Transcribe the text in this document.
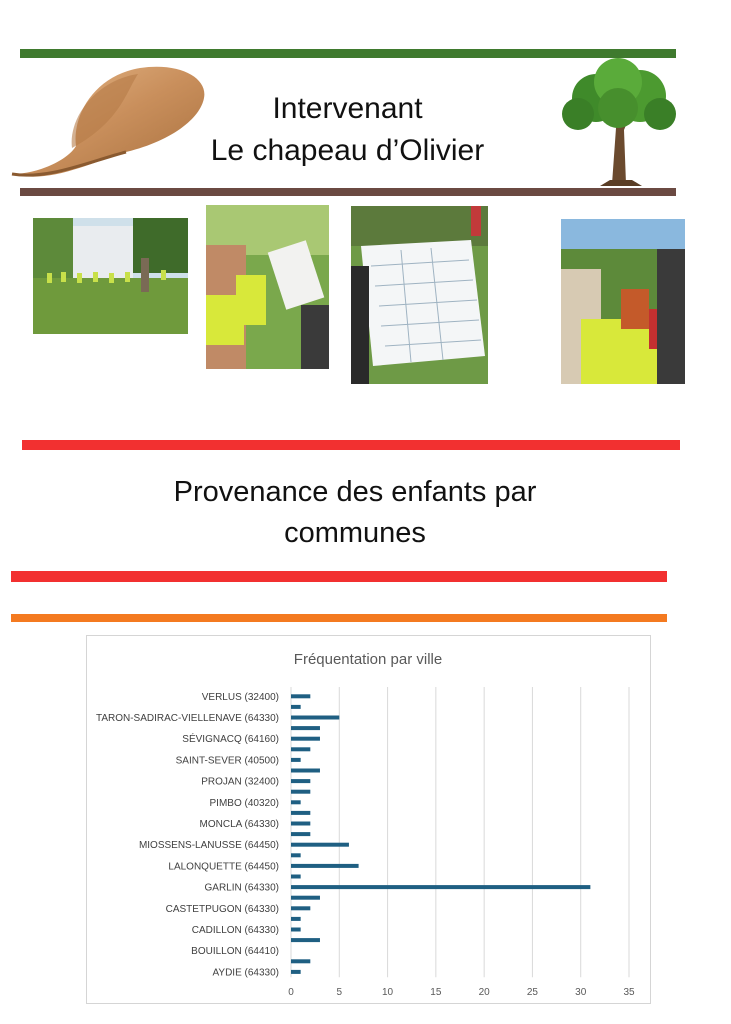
Intervenant
Le chapeau d’Olivier
Provenance des enfants par
communes
Fréquentation par ville
VERLUS (32400)
TARON-SADIRAC-VIELLENAVE (64330)
SÉVIGNACQ (64160)
SAINT-SEVER (40500)
PROJAN (32400)
PIMBO (40320)
MONCLA (64330)
MIOSSENS-LANUSSE (64450)
LALONQUETTE (64450)
GARLIN (64330)
CASTETPUGON (64330)
CADILLON (64330)
BOUILLON (64410)
AYDIE (64330)
0	5	10	15	20	25	30	35
